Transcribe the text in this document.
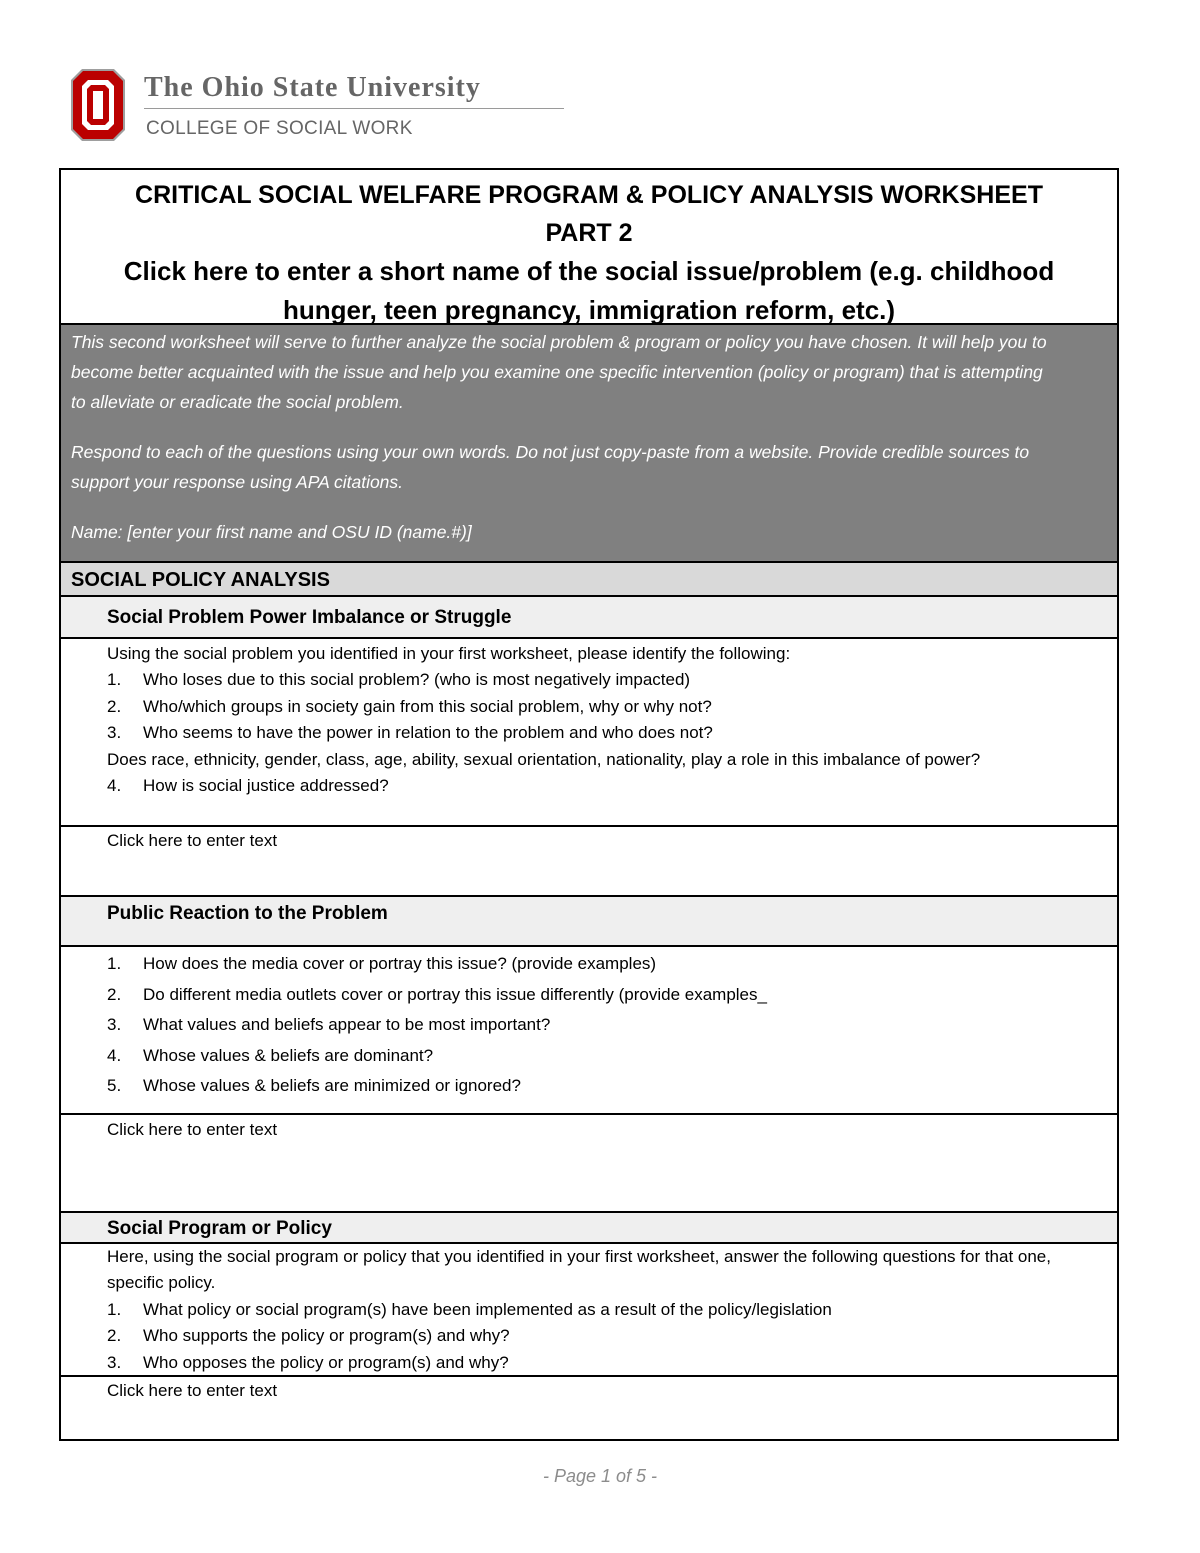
The Ohio State University
COLLEGE OF SOCIAL WORK

CRITICAL SOCIAL WELFARE PROGRAM & POLICY ANALYSIS WORKSHEET

PART 2

Click here to enter a short name of the social issue/problem (e.g. childhood hunger, teen pregnancy, immigration reform, etc.)

This second worksheet will serve to further analyze the social problem & program or policy you have chosen. It will help you to become better acquainted with the issue and help you examine one specific intervention (policy or program) that is attempting to alleviate or eradicate the social problem.

Respond to each of the questions using your own words. Do not just copy-paste from a website. Provide credible sources to support your response using APA citations.

Name: [enter your first name and OSU ID (name.#)]

SOCIAL POLICY ANALYSIS
Social Problem Power Imbalance or Struggle

Using the social problem you identified in your first worksheet, please identify the following:

1.	Who loses due to this social problem? (who is most negatively impacted)
2.	Who/which groups in society gain from this social problem, why or why not?
3.	Who seems to have the power in relation to the problem and who does not?

Does race, ethnicity, gender, class, age, ability, sexual orientation, nationality, play a role in this imbalance of power?

4.	How is social justice addressed?
Click here to enter text
Public Reaction to the Problem
1.	How does the media cover or portray this issue? (provide examples)
2.	Do different media outlets cover or portray this issue differently (provide examples_
3.	What values and beliefs appear to be most important?
4.	Whose values & beliefs are dominant?
5.	Whose values & beliefs are minimized or ignored?
Click here to enter text
Social Program or Policy

Here, using the social program or policy that you identified in your first worksheet, answer the following questions for that one, specific policy.

1.	What policy or social program(s) have been implemented as a result of the policy/legislation
2.	Who supports the policy or program(s) and why?
3.	Who opposes the policy or program(s) and why?
Click here to enter text
- Page 1 of 5 -
